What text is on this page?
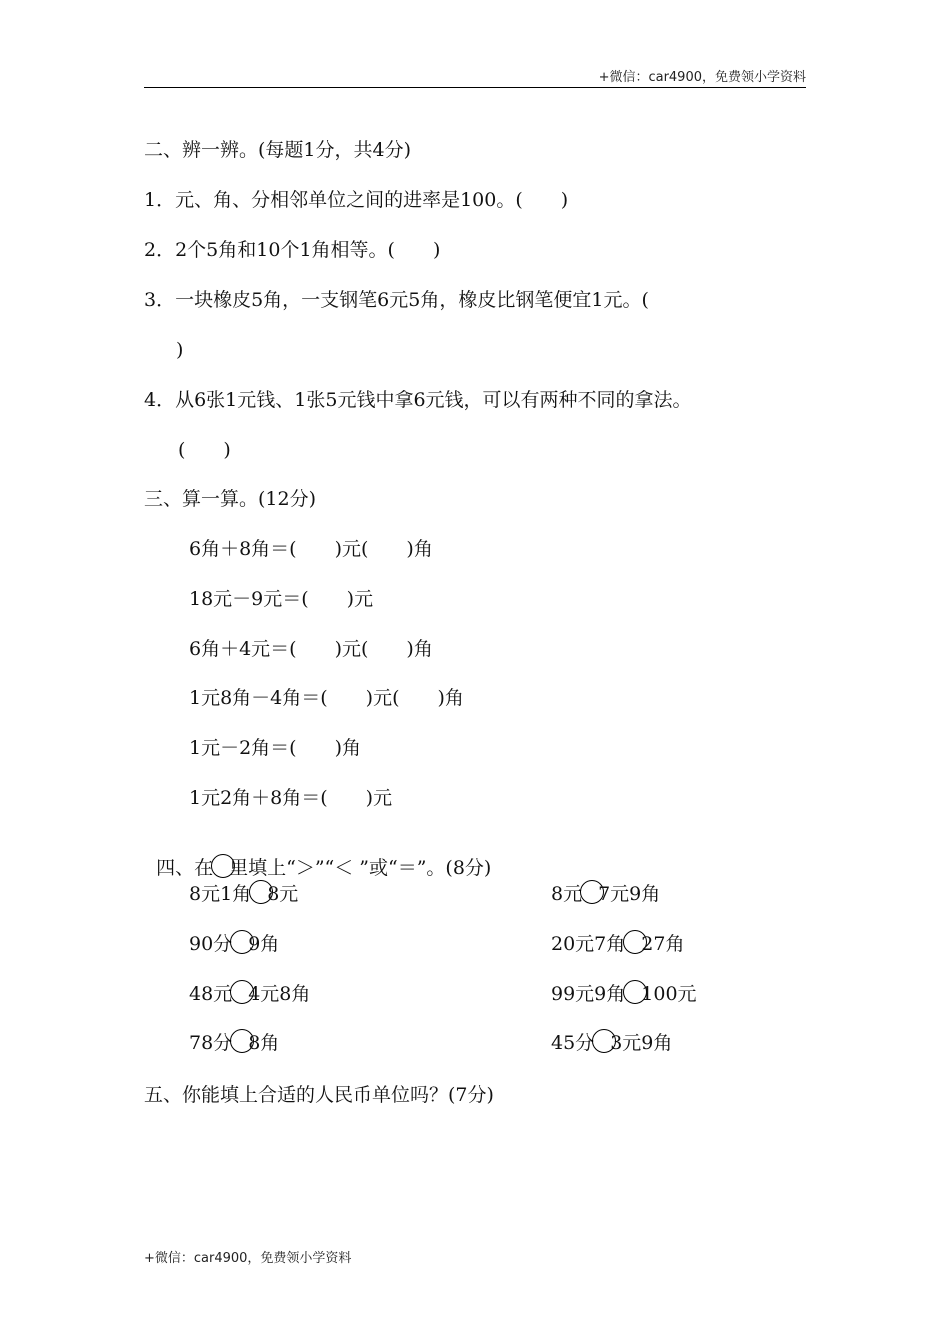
+微信：car4900，免费领小学资料
二、辨一辨。(每题1分，共4分)
1．元、角、分相邻单位之间的进率是100。(　　)
2．2个5角和10个1角相等。(　　)
3．一块橡皮5角，一支钢笔6元5角，橡皮比钢笔便宜1元。(
)
4．从6张1元钱、1张5元钱中拿6元钱，可以有两种不同的拿法。
(　　)
三、算一算。(12分)
6角＋8角＝(　　)元(　　)角
18元－9元＝(　　)元
6角＋4元＝(　　)元(　　)角
1元8角－4角＝(　　)元(　　)角
1元－2角＝(　　)角
1元2角＋8角＝(　　)元

四、在 里填上“＞”“＜ ”或“＝”。(8分)

8元1角 8元	8元 7元9角
90分 9角	20元7角 27角
48元 4元8角	99元9角 100元
78分 8角	45分 3元9角
五、你能填上合适的人民币单位吗？(7分)
+微信：car4900，免费领小学资料
